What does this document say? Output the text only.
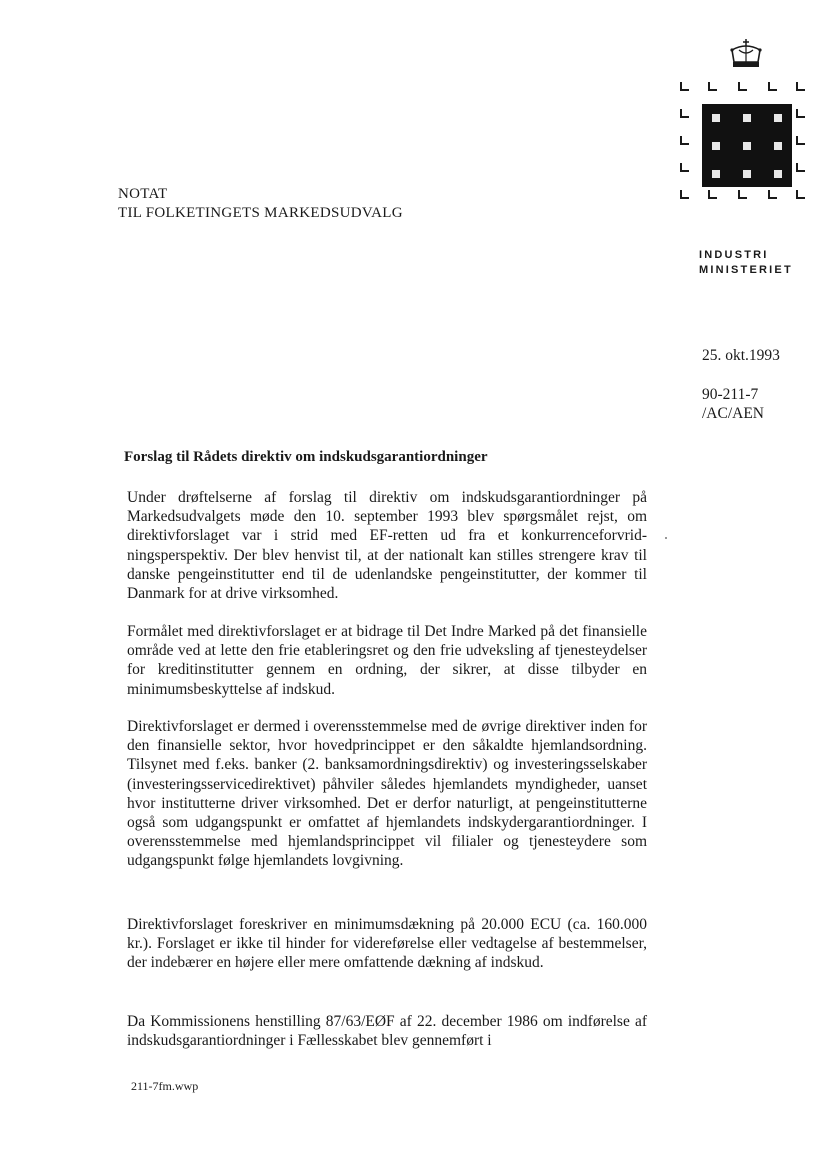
INDUSTRI
MINISTERIET
NOTAT
TIL FOLKETINGETS MARKEDSUDVALG
25. okt.1993
90-211-7
/AC/AEN
Forslag til Rådets direktiv om indskudsgarantiordninger
Under drøftelserne af forslag til direktiv om indskudsgarantiordninger på Markedsudvalgets møde den 10. september 1993 blev spørgsmålet rejst, om direktivforslaget var i strid med EF-retten ud fra et konkurrenceforvridningsperspektiv. Der blev henvist til, at der nationalt kan stilles strengere krav til danske pengeinstitutter end til de udenlandske pengeinstitutter, der kommer til Danmark for at drive virksomhed.
Formålet med direktivforslaget er at bidrage til Det Indre Marked på det finansielle område ved at lette den frie etableringsret og den frie udveksling af tjenesteydelser for kreditinstitutter gennem en ordning, der sikrer, at disse tilbyder en minimumsbeskyttelse af indskud.
Direktivforslaget er dermed i overensstemmelse med de øvrige direktiver inden for den finansielle sektor, hvor hovedprincippet er den såkaldte hjemlandsordning. Tilsynet med f.eks. banker (2. banksamordningsdirektiv) og investeringsselskaber (investeringsservicedirektivet) påhviler således hjemlandets myndigheder, uanset hvor institutterne driver virksomhed. Det er derfor naturligt, at pengeinstitutterne også som udgangspunkt er omfattet af hjemlandets indskydergarantiordninger. I overensstemmelse med hjemlandsprincippet vil filialer og tjenesteydere som udgangspunkt følge hjemlandets lovgivning.
Direktivforslaget foreskriver en minimumsdækning på 20.000 ECU (ca. 160.000 kr.). Forslaget er ikke til hinder for videreførelse eller vedtagelse af bestemmelser, der indebærer en højere eller mere omfattende dækning af indskud.
Da Kommissionens henstilling 87/63/EØF af 22. december 1986 om indførelse af indskudsgarantiordninger i Fællesskabet blev gennemført i
211-7fm.wwp
